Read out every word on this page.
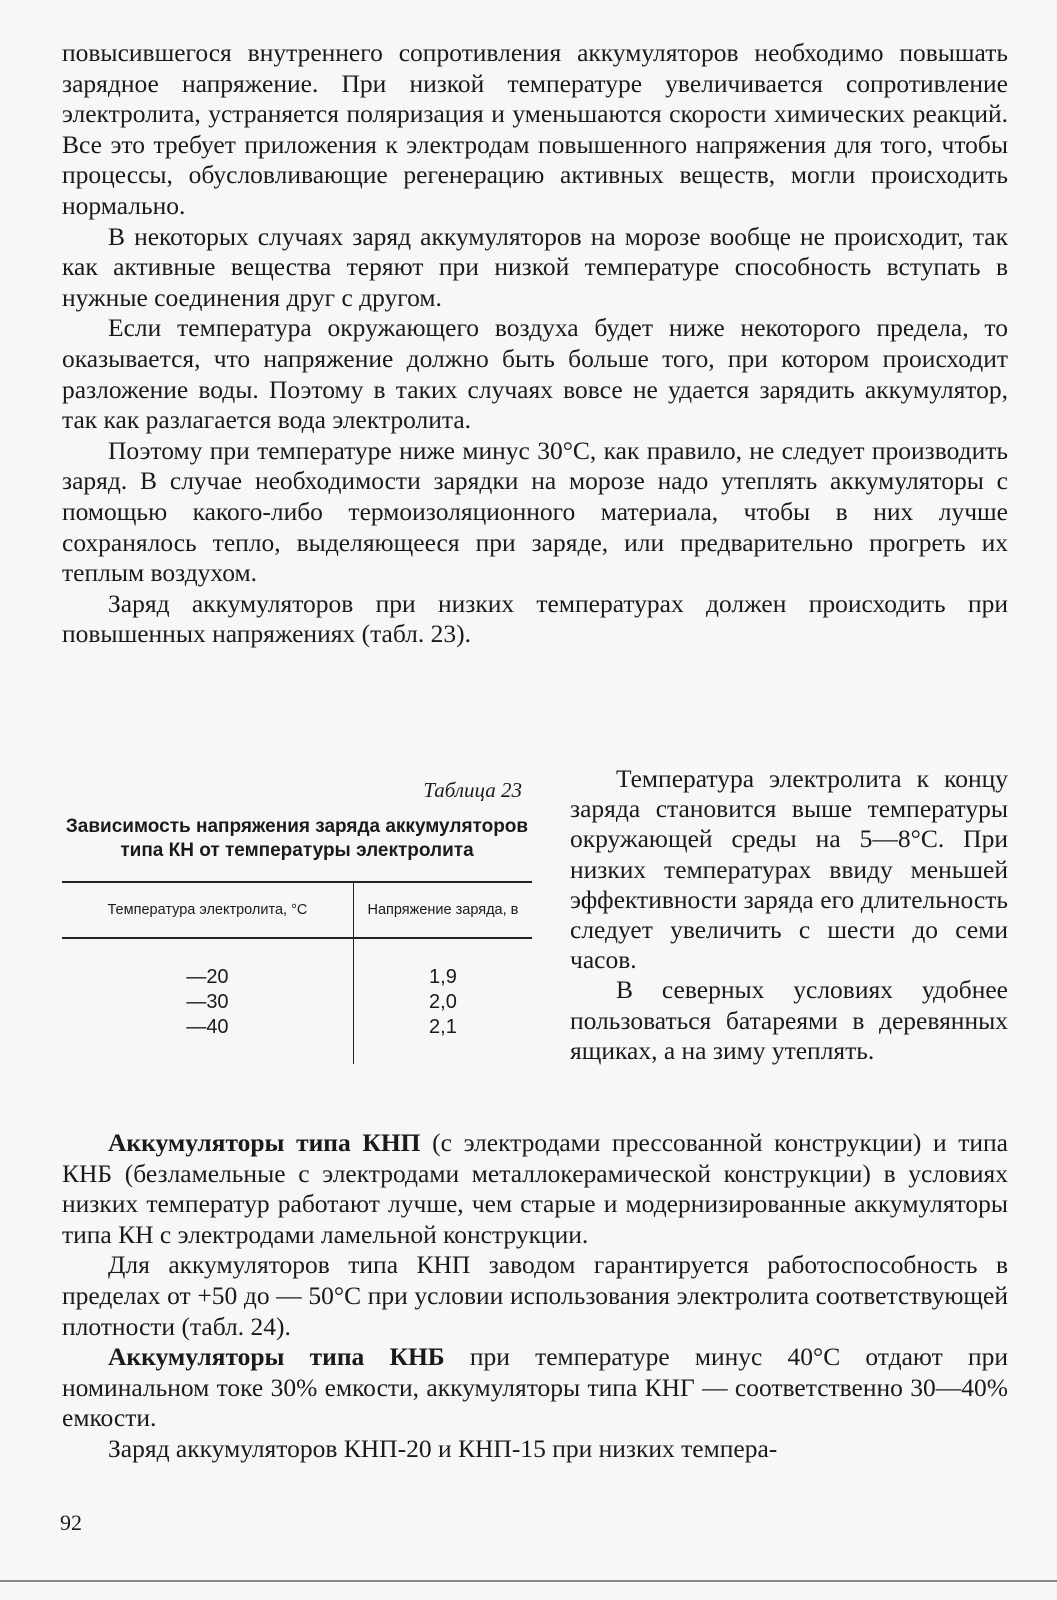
повысившегося внутреннего сопротивления аккумуляторов необходимо повышать зарядное напряжение. При низкой температуре увеличивается сопротивление электролита, устраняется поляризация и уменьшаются скорости химических реакций. Все это требует приложения к электродам повышенного напряжения для того, чтобы процессы, обусловливающие регенерацию активных веществ, могли происходить нормально.

В некоторых случаях заряд аккумуляторов на морозе вообще не происходит, так как активные вещества теряют при низкой температуре способность вступать в нужные соединения друг с другом.

Если температура окружающего воздуха будет ниже некоторого предела, то оказывается, что напряжение должно быть больше того, при котором происходит разложение воды. Поэтому в таких случаях вовсе не удается зарядить аккумулятор, так как разлагается вода электролита.

Поэтому при температуре ниже минус 30°С, как правило, не следует производить заряд. В случае необходимости зарядки на морозе надо утеплять аккумуляторы с помощью какого-либо термоизоляционного материала, чтобы в них лучше сохранялось тепло, выделяющееся при заряде, или предварительно прогреть их теплым воздухом.

Заряд аккумуляторов при низких температурах должен происходить при повышенных напряжениях (табл. 23).

Таблица 23
Зависимость напряжения заряда аккумуляторов типа КН от температуры электролита
Температура электролита, °С	Напряжение заряда, в
—20	1,9
—30	2,0
—40	2,1

Температура электролита к концу заряда становится выше температуры окружающей среды на 5—8°С. При низких температурах ввиду меньшей эффективности заряда его длительность следует увеличить с шести до семи часов.

В северных условиях удобнее пользоваться батареями в деревянных ящиках, а на зиму утеплять.

Аккумуляторы типа КНП (с электродами прессованной конструкции) и типа КНБ (безламельные с электродами металлокерамической конструкции) в условиях низких температур работают лучше, чем старые и модернизированные аккумуляторы типа КН с электродами ламельной конструкции.

Для аккумуляторов типа КНП заводом гарантируется работоспособность в пределах от +50 до — 50°С при условии использования электролита соответствующей плотности (табл. 24).

Аккумуляторы типа КНБ при температуре минус 40°С отдают при номинальном токе 30% емкости, аккумуляторы типа КНГ — соответственно 30—40% емкости.

Заряд аккумуляторов КНП-20 и КНП-15 при низких темпера-

92
